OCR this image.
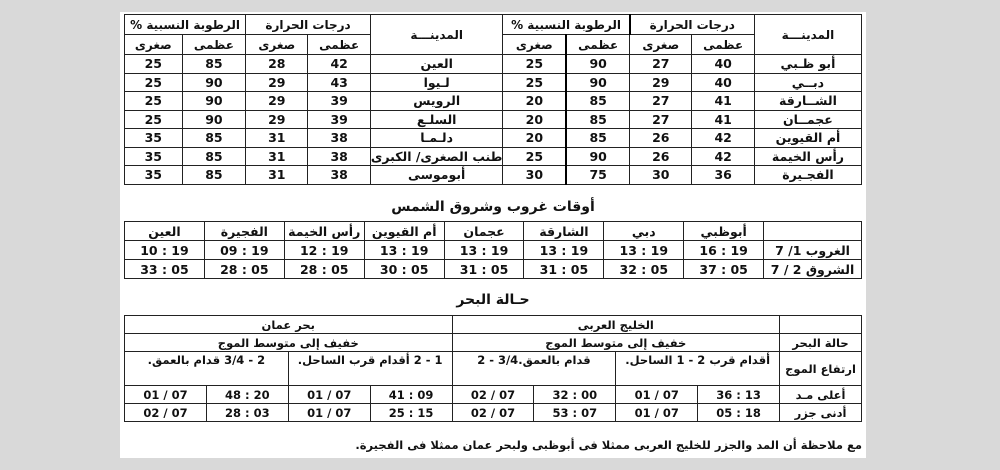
المدينـــة	درجات الحرارة		الرطوبة النسبية %		المدينـــة	درجات الحرارة		الرطوبة النسبية %	
	عظمى	صغرى	عظمى	صغرى		عظمى	صغرى	عظمى	صغرى
أبو ظـبي	40	27	90	25	العين	42	28	85	25
دبــي	40	29	90	25	لـيوا	43	29	90	25
الشــارقة	41	27	85	20	الرويس	39	29	90	25
عجمــان	41	27	85	20	السلـع	39	29	90	25
أم القيوين	42	26	85	20	دلـمـا	38	31	85	35
رأس الخيمة	42	26	90	25	طنب الصغرى/ الكبرى	38	31	85	35
الفجـيرة	36	30	75	30	أبوموسى	38	31	85	35
أوقات غروب وشروق الشمس
	أبوظبي	دبي	الشارقة	عجمان	أم القيوين	رأس الخيمة	الفجيرة	العين
الغروب 1/ 7	19 : 16	19 : 13	19 : 13	19 : 13	19 : 13	19 : 12	19 : 09	19 : 10
الشروق 2 / 7	05 : 37	05 : 32	05 : 31	05 : 31	05 : 30	05 : 28	05 : 28	05 : 33
حـالة البحر
	الخليج العربى				بحر عمان			
حالة البحر	خفيف إلى متوسط الموج				خفيف إلى متوسط الموج			
ارتفاع الموج	أقدام قرب 2 - 1 الساحل.		قدام بالعمق.3/4 - 2		1 - 2 أقدام قرب الساحل.		2 - 3/4 قدام بالعمق.	
أعلى مـد	13 : 36	07 / 01	00 : 32	07 / 02	09 : 41	07 / 01	20 : 48	07 / 01
أدنى جزر	18 : 05	07 / 01	07 : 53	07 / 02	15 : 25	07 / 01	03 : 28	07 / 02
مع ملاحظة أن المد والجزر للخليج العربى ممثلا فى أبوظبى ولبحر عمان ممثلا فى الفجيرة.
